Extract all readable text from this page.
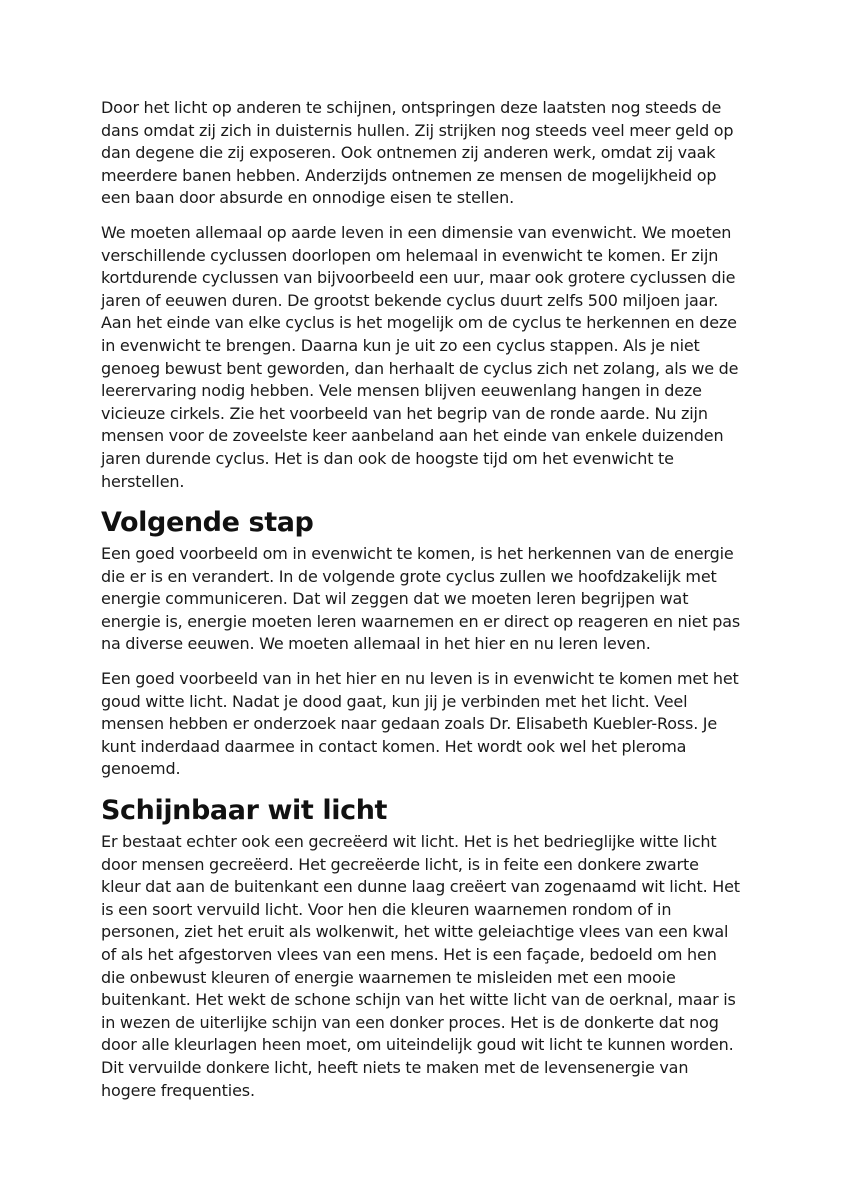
Door het licht op anderen te schijnen, ontspringen deze laatsten nog steeds de
dans omdat zij zich in duisternis hullen. Zij strijken nog steeds veel meer geld op
dan degene die zij exposeren. Ook ontnemen zij anderen werk, omdat zij vaak
meerdere banen hebben. Anderzijds ontnemen ze mensen de mogelijkheid op
een baan door absurde en onnodige eisen te stellen.

We moeten allemaal op aarde leven in een dimensie van evenwicht. We moeten
verschillende cyclussen doorlopen om helemaal in evenwicht te komen. Er zijn
kortdurende cyclussen van bijvoorbeeld een uur, maar ook grotere cyclussen die
jaren of eeuwen duren. De grootst bekende cyclus duurt zelfs 500 miljoen jaar.
Aan het einde van elke cyclus is het mogelijk om de cyclus te herkennen en deze
in evenwicht te brengen. Daarna kun je uit zo een cyclus stappen. Als je niet
genoeg bewust bent geworden, dan herhaalt de cyclus zich net zolang, als we de
leerervaring nodig hebben. Vele mensen blijven eeuwenlang hangen in deze
vicieuze cirkels. Zie het voorbeeld van het begrip van de ronde aarde. Nu zijn
mensen voor de zoveelste keer aanbeland aan het einde van enkele duizenden
jaren durende cyclus. Het is dan ook de hoogste tijd om het evenwicht te
herstellen.

Volgende stap

Een goed voorbeeld om in evenwicht te komen, is het herkennen van de energie
die er is en verandert. In de volgende grote cyclus zullen we hoofdzakelijk met
energie communiceren. Dat wil zeggen dat we moeten leren begrijpen wat
energie is, energie moeten leren waarnemen en er direct op reageren en niet pas
na diverse eeuwen. We moeten allemaal in het hier en nu leren leven.

Een goed voorbeeld van in het hier en nu leven is in evenwicht te komen met het
goud witte licht. Nadat je dood gaat, kun jij je verbinden met het licht. Veel
mensen hebben er onderzoek naar gedaan zoals Dr. Elisabeth Kuebler-Ross. Je
kunt inderdaad daarmee in contact komen. Het wordt ook wel het pleroma
genoemd.

Schijnbaar wit licht

Er bestaat echter ook een gecreëerd wit licht. Het is het bedrieglijke witte licht
door mensen gecreëerd. Het gecreëerde licht, is in feite een donkere zwarte
kleur dat aan de buitenkant een dunne laag creëert van zogenaamd wit licht. Het
is een soort vervuild licht. Voor hen die kleuren waarnemen rondom of in
personen, ziet het eruit als wolkenwit, het witte geleiachtige vlees van een kwal
of als het afgestorven vlees van een mens. Het is een façade, bedoeld om hen
die onbewust kleuren of energie waarnemen te misleiden met een mooie
buitenkant. Het wekt de schone schijn van het witte licht van de oerknal, maar is
in wezen de uiterlijke schijn van een donker proces. Het is de donkerte dat nog
door alle kleurlagen heen moet, om uiteindelijk goud wit licht te kunnen worden.
Dit vervuilde donkere licht, heeft niets te maken met de levensenergie van
hogere frequenties.
